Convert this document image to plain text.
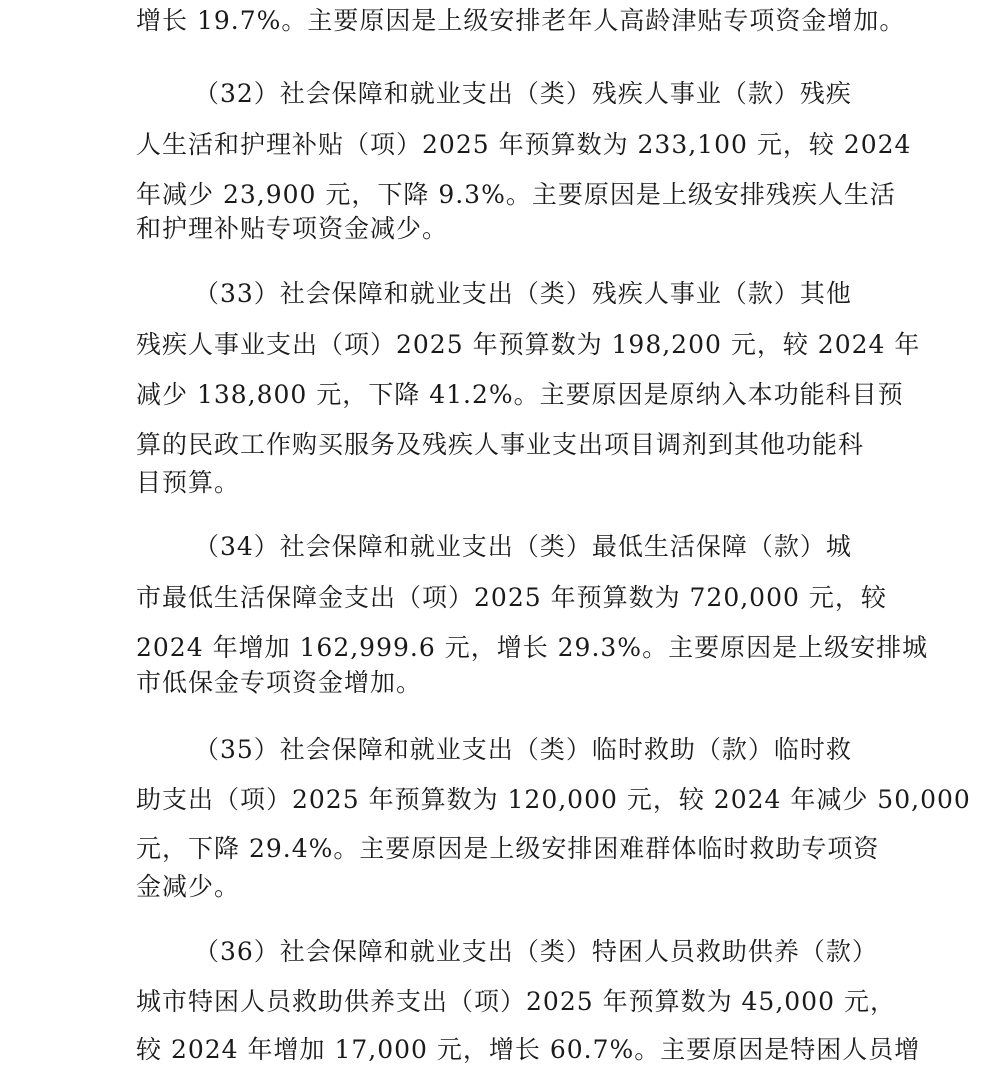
增长 19.7%。主要原因是上级安排老年人高龄津贴专项资金增加。
（32）社会保障和就业支出（类）残疾人事业（款）残疾
人生活和护理补贴（项）2025 年预算数为 233,100 元，较 2024
年减少 23,900 元，下降 9.3%。主要原因是上级安排残疾人生活
和护理补贴专项资金减少。
（33）社会保障和就业支出（类）残疾人事业（款）其他
残疾人事业支出（项）2025 年预算数为 198,200 元，较 2024 年
减少 138,800 元，下降 41.2%。主要原因是原纳入本功能科目预
算的民政工作购买服务及残疾人事业支出项目调剂到其他功能科
目预算。
（34）社会保障和就业支出（类）最低生活保障（款）城
市最低生活保障金支出（项）2025 年预算数为 720,000 元，较
2024 年增加 162,999.6 元，增长 29.3%。主要原因是上级安排城
市低保金专项资金增加。
（35）社会保障和就业支出（类）临时救助（款）临时救
助支出（项）2025 年预算数为 120,000 元，较 2024 年减少 50,000
元，下降 29.4%。主要原因是上级安排困难群体临时救助专项资
金减少。
（36）社会保障和就业支出（类）特困人员救助供养（款）
城市特困人员救助供养支出（项）2025 年预算数为 45,000 元，
较 2024 年增加 17,000 元，增长 60.7%。主要原因是特困人员增
